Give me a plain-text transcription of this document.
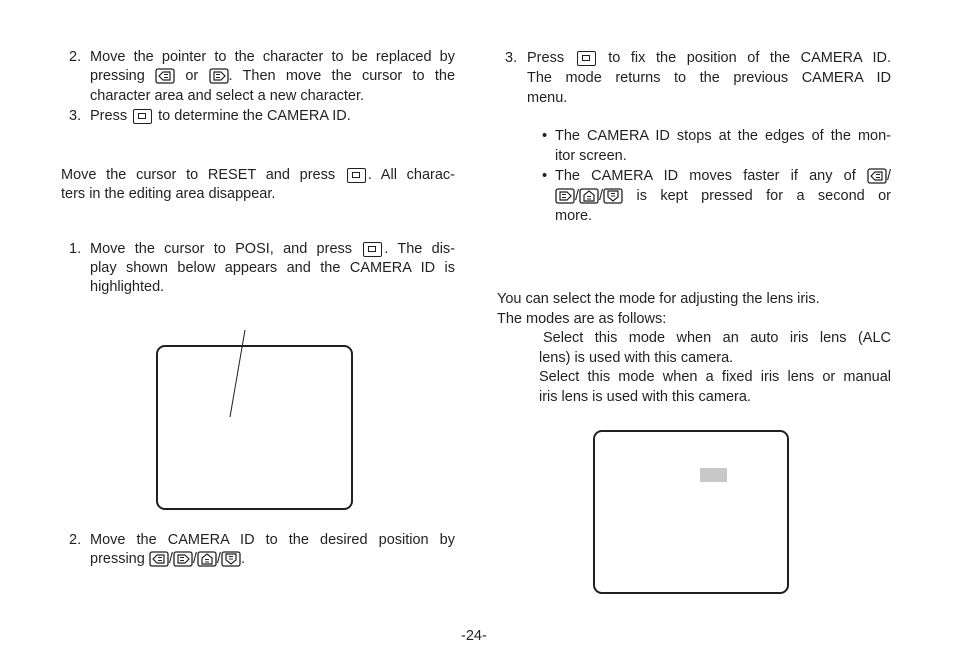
2. Move the pointer to the character to be replaced by
pressing	or . Then move the cursor to the
character area and select a new character.
3. Press to determine the CAMERA ID.
Move the cursor to RESET and press . All charac-
ters in the editing area disappear.
1. Move the cursor to POSI, and press . The dis-
play shown below appears and the CAMERA ID is
highlighted.
2. Move the CAMERA ID to the desired position by
pressing / / / .
3. Press	to fix the position of the CAMERA ID.
The mode returns to the previous CAMERA ID
menu.
• The CAMERA ID stops at the edges of the mon-
itor screen.
• The CAMERA ID moves faster if any of /
/ / is kept pressed for a second or
more.
You can select the mode for adjusting the lens iris.
The modes are as follows:
Select this mode when an auto iris lens (ALC
lens) is used with this camera.
Select this mode when a fixed iris lens or manual
iris lens is used with this camera.
-24-
